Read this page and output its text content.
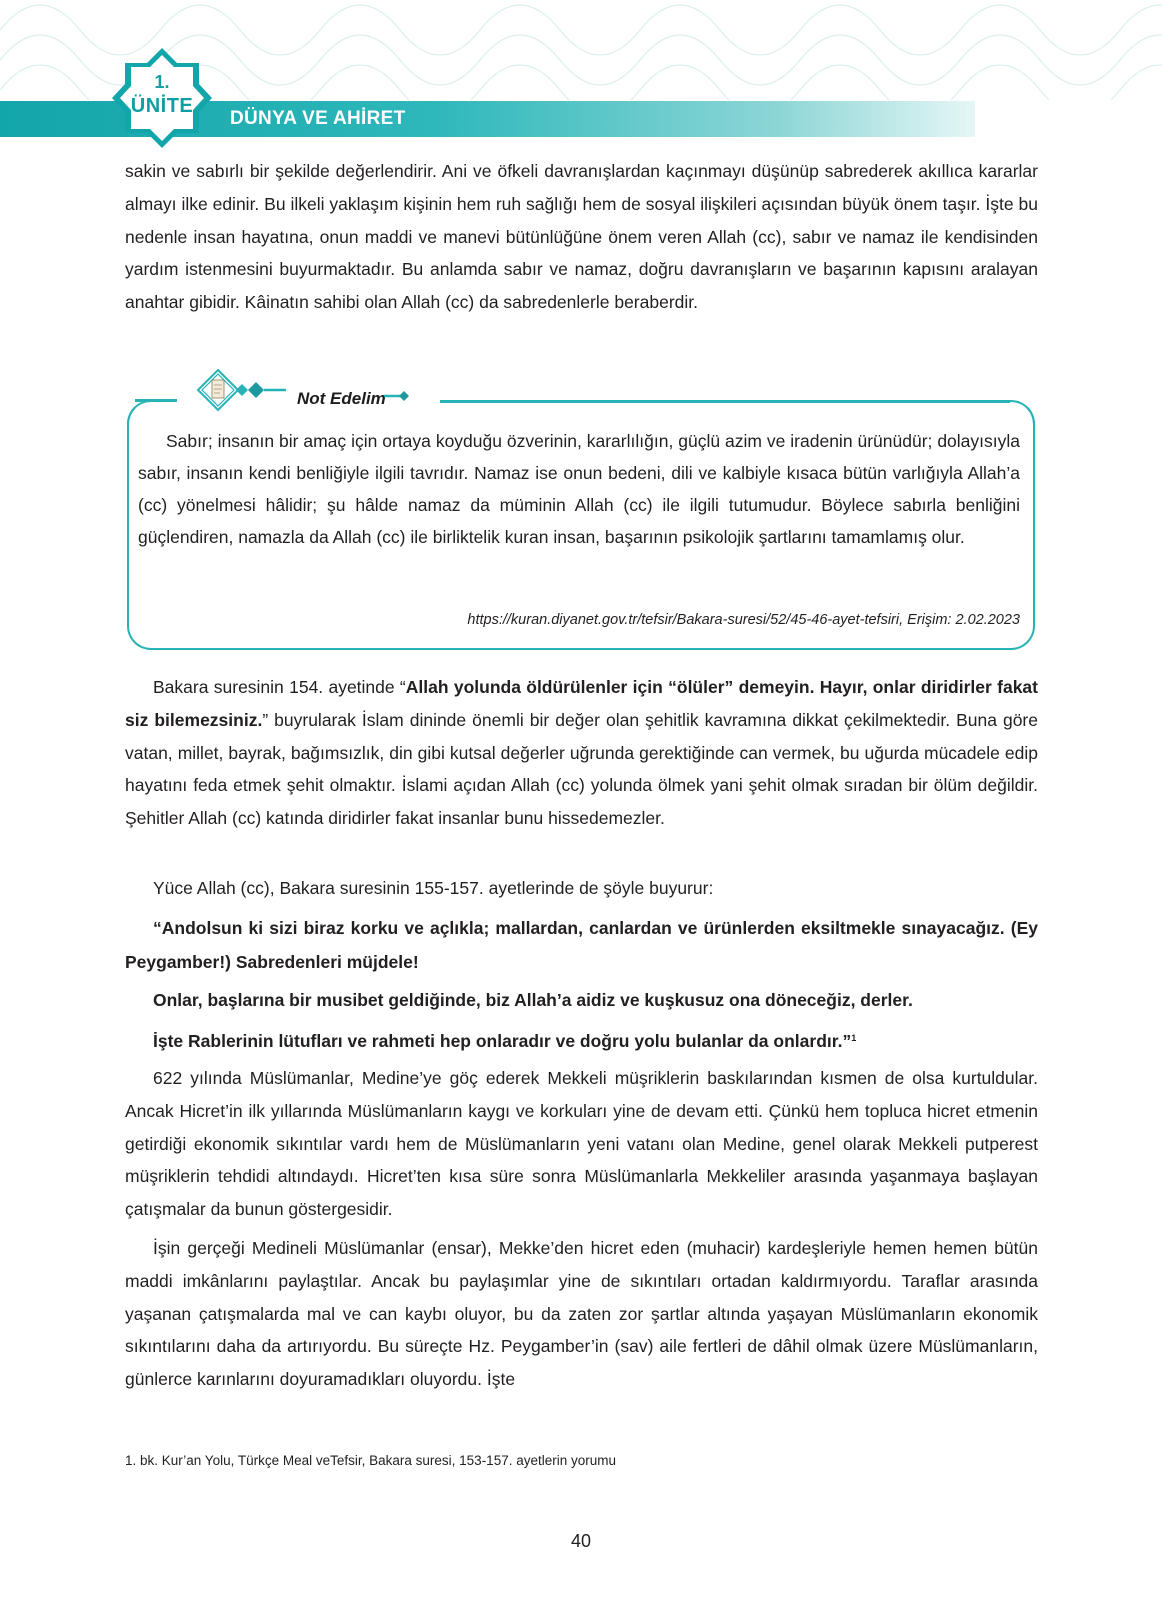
1.
ÜNİTE
DÜNYA VE AHİRET

sakin ve sabırlı bir şekilde değerlendirir. Ani ve öfkeli davranışlardan kaçınmayı düşünüp sabrederek akıllıca kararlar almayı ilke edinir. Bu ilkeli yaklaşım kişinin hem ruh sağlığı hem de sosyal ilişkileri açısından büyük önem taşır. İşte bu nedenle insan hayatına, onun maddi ve manevi bütünlüğüne önem veren Allah (cc), sabır ve namaz ile kendisinden yardım istenmesini buyurmaktadır. Bu anlamda sabır ve namaz, doğru davranışların ve başarının kapısını aralayan anahtar gibidir. Kâinatın sahibi olan Allah (cc) da sabredenlerle beraberdir.

Not Edelim

Sabır; insanın bir amaç için ortaya koyduğu özverinin, kararlılığın, güçlü azim ve iradenin ürünüdür; dolayısıyla sabır, insanın kendi benliğiyle ilgili tavrıdır. Namaz ise onun bedeni, dili ve kalbiyle kısaca bütün varlığıyla Allah’a (cc) yönelmesi hâlidir; şu hâlde namaz da müminin Allah (cc) ile ilgili tutumudur. Böylece sabırla benliğini güçlendiren, namazla da Allah (cc) ile birliktelik kuran insan, başarının psikolojik şartlarını tamamlamış olur.

https://kuran.diyanet.gov.tr/tefsir/Bakara-suresi/52/45-46-ayet-tefsiri, Erişim: 2.02.2023

Bakara suresinin 154. ayetinde “Allah yolunda öldürülenler için “ölüler” demeyin. Hayır, onlar diridirler fakat siz bilemezsiniz.” buyrularak İslam dininde önemli bir değer olan şehitlik kavramına dikkat çekilmektedir. Buna göre vatan, millet, bayrak, bağımsızlık, din gibi kutsal değerler uğrunda gerektiğinde can vermek, bu uğurda mücadele edip hayatını feda etmek şehit olmaktır. İslami açıdan Allah (cc) yolunda ölmek yani şehit olmak sıradan bir ölüm değildir. Şehitler Allah (cc) katında diridirler fakat insanlar bunu hissedemezler.

Yüce Allah (cc), Bakara suresinin 155-157. ayetlerinde de şöyle buyurur:

“Andolsun ki sizi biraz korku ve açlıkla; mallardan, canlardan ve ürünlerden eksiltmekle sınayacağız. (Ey Peygamber!) Sabredenleri müjdele!

Onlar, başlarına bir musibet geldiğinde, biz Allah’a aidiz ve kuşkusuz ona döneceğiz, derler.

İşte Rablerinin lütufları ve rahmeti hep onlaradır ve doğru yolu bulanlar da onlardır.”$^1$

622 yılında Müslümanlar, Medine’ye göç ederek Mekkeli müşriklerin baskılarından kısmen de olsa kurtuldular. Ancak Hicret’in ilk yıllarında Müslümanların kaygı ve korkuları yine de devam etti. Çünkü hem topluca hicret etmenin getirdiği ekonomik sıkıntılar vardı hem de Müslümanların yeni vatanı olan Medine, genel olarak Mekkeli putperest müşriklerin tehdidi altındaydı. Hicret’ten kısa süre sonra Müslümanlarla Mekkeliler arasında yaşanmaya başlayan çatışmalar da bunun göstergesidir.

İşin gerçeği Medineli Müslümanlar (ensar), Mekke’den hicret eden (muhacir) kardeşleriyle hemen hemen bütün maddi imkânlarını paylaştılar. Ancak bu paylaşımlar yine de sıkıntıları ortadan kaldırmıyordu. Taraflar arasında yaşanan çatışmalarda mal ve can kaybı oluyor, bu da zaten zor şartlar altında yaşayan Müslümanların ekonomik sıkıntılarını daha da artırıyordu. Bu süreçte Hz. Peygamber’in (sav) aile fertleri de dâhil olmak üzere Müslümanların, günlerce karınlarını doyuramadıkları oluyordu. İşte

1. bk. Kur’an Yolu, Türkçe Meal veTefsir, Bakara suresi, 153-157. ayetlerin yorumu
40
